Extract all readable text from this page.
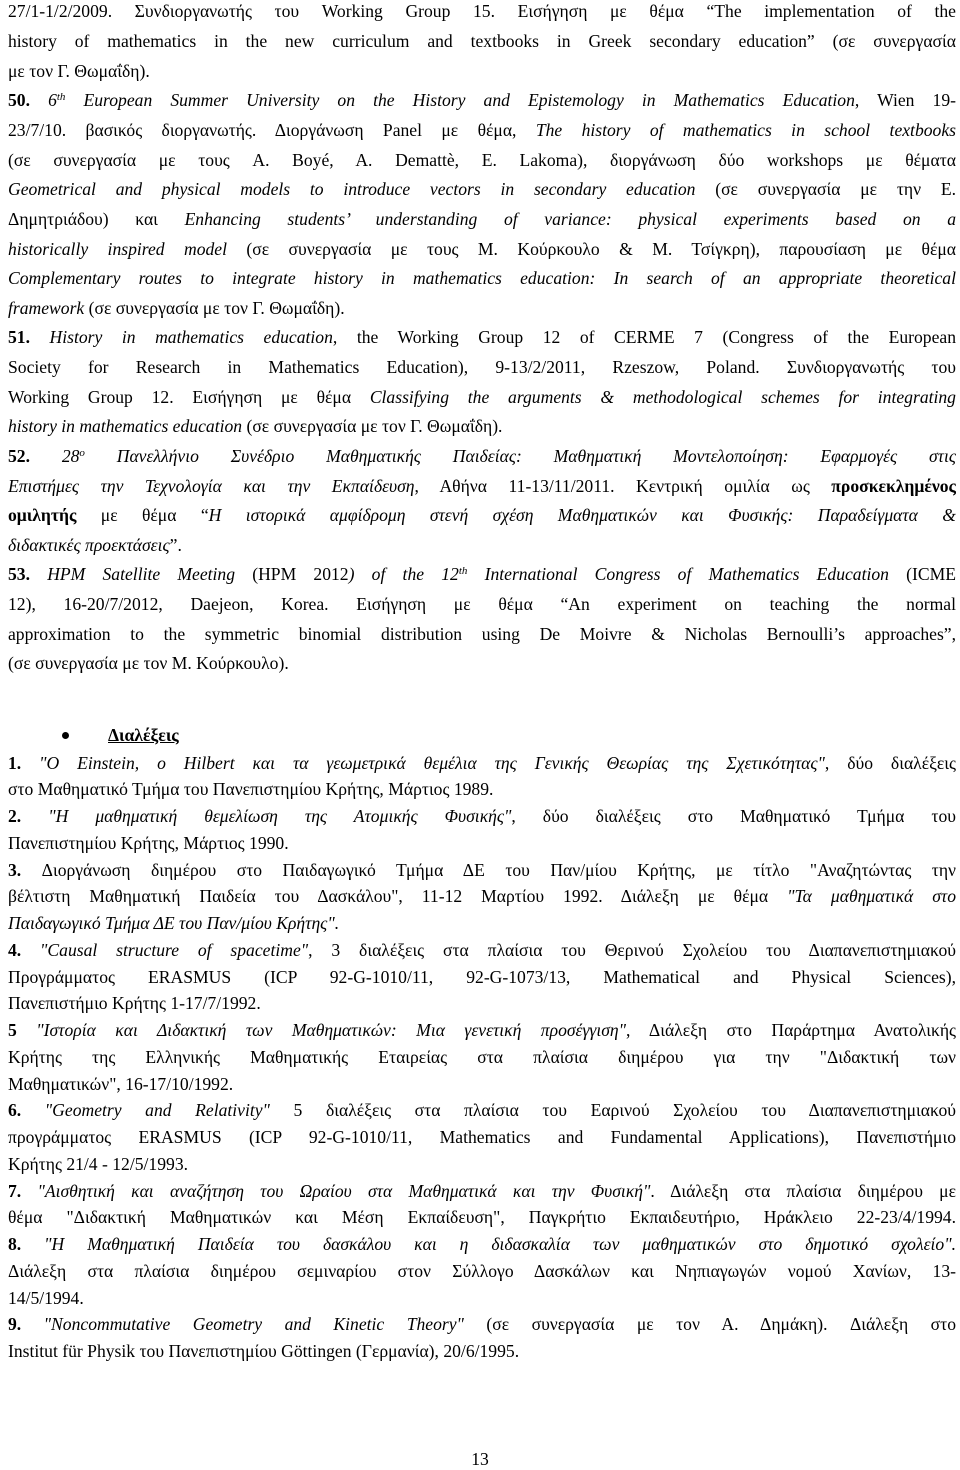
27/1-1/2/2009. Συνδιοργανωτής του Working Group 15. Εισήγηση με θέμα “The implementation of the
history of mathematics in the new curriculum and textbooks in Greek secondary education” (σε συνεργασία
με τον Γ. Θωμαΐδη).
50. 6th European Summer University on the History and Epistemology in Mathematics Education, Wien 19-
23/7/10. βασικός διοργανωτής. Διοργάνωση Panel με θέμα, The history of mathematics in school textbooks
(σε συνεργασία με τους A. Boyé, A. Demattè, E. Lakoma), διοργάνωση δύο workshops με θέματα
Geometrical and physical models to introduce vectors in secondary education (σε συνεργασία με την Ε.
Δημητριάδου) και Enhancing students’ understanding of variance: physical experiments based on a
historically inspired model (σε συνεργασία με τους Μ. Κούρκουλο & Μ. Τσίγκρη), παρουσίαση με θέμα
Complementary routes to integrate history in mathematics education: In search of an appropriate theoretical
framework (σε συνεργασία με τον Γ. Θωμαΐδη).
51. History in mathematics education, the Working Group 12 of CERME 7 (Congress of the European
Society for Research in Mathematics Education), 9-13/2/2011, Rzeszow, Poland. Συνδιοργανωτής του
Working Group 12. Εισήγηση με θέμα Classifying the arguments & methodological schemes for integrating
history in mathematics education (σε συνεργασία με τον Γ. Θωμαΐδη).
52. $28^o$ Πανελλήνιο Συνέδριο Μαθηματικής Παιδείας: Μαθηματική Μοντελοποίηση: Εφαρμογές στις
Επιστήμες την Τεχνολογία και την Εκπαίδευση, Αθήνα 11-13/11/2011. Κεντρική ομιλία ως προσκεκλημένος
ομιλητής με θέμα “Η ιστορικά αμφίδρομη στενή σχέση Μαθηματικών και Φυσικής: Παραδείγματα &
διδακτικές προεκτάσεις”.
53. HPM Satellite Meeting (HPM 2012) of the 12th International Congress of Mathematics Education (ICME
12), 16-20/7/2012, Daejeon, Korea. Εισήγηση με θέμα “An experiment on teaching the normal
approximation to the symmetric binomial distribution using De Moivre & Nicholas Bernoulli’s approaches”,
(σε συνεργασία με τον Μ. Κούρκουλο).
1. "Ο Einstein, ο Hilbert και τα γεωμετρικά θεμέλια της Γενικής Θεωρίας της Σχετικότητας", δύο διαλέξεις
στο Μαθηματικό Τμήμα του Πανεπιστημίου Κρήτης, Μάρτιος 1989.
2. "Η μαθηματική θεμελίωση της Ατομικής Φυσικής", δύο διαλέξεις στο Μαθηματικό Τμήμα του
Πανεπιστημίου Κρήτης, Μάρτιος 1990.
3. Διοργάνωση διημέρου στο Παιδαγωγικό Τμήμα ΔΕ του Παν/μίου Κρήτης, με τίτλο "Αναζητώντας την
βέλτιστη Μαθηματική Παιδεία του Δασκάλου", 11-12 Μαρτίου 1992. Διάλεξη με θέμα "Τα μαθηματικά στο
Παιδαγωγικό Τμήμα ΔΕ του Παν/μίου Κρήτης".
4. "Causal structure of spacetime", 3 διαλέξεις στα πλαίσια του Θερινού Σχολείου του Διαπανεπιστημιακού
Προγράμματος ERASMUS (ICP 92-G-1010/11, 92-G-1073/13, Mathematical and Physical Sciences),
Πανεπιστήμιο Κρήτης 1-17/7/1992.
5 "Ιστορία και Διδακτική των Μαθηματικών: Μια γενετική προσέγγιση", Διάλεξη στο Παράρτημα Ανατολικής
Κρήτης της Ελληνικής Μαθηματικής Εταιρείας στα πλαίσια διημέρου για την "Διδακτική των
Μαθηματικών", 16-17/10/1992.
6. "Geometry and Relativity" 5 διαλέξεις στα πλαίσια του Εαρινού Σχολείου του Διαπανεπιστημιακού
προγράμματος ERASMUS (ICP 92-G-1010/11, Mathematics and Fundamental Applications), Πανεπιστήμιο
Κρήτης 21/4 - 12/5/1993.
7. "Αισθητική και αναζήτηση του Ωραίου στα Μαθηματικά και την Φυσική". Διάλεξη στα πλαίσια διημέρου με
θέμα "Διδακτική Μαθηματικών και Μέση Εκπαίδευση", Παγκρήτιο Εκπαιδευτήριο, Ηράκλειο 22-23/4/1994.
8. "Η Μαθηματική Παιδεία του δασκάλου και η διδασκαλία των μαθηματικών στο δημοτικό σχολείο".
Διάλεξη στα πλαίσια διημέρου σεμιναρίου στον Σύλλογο Δασκάλων και Νηπιαγωγών νομού Χανίων, 13-
14/5/1994.
9. "Noncommutative Geometry and Kinetic Theory" (σε συνεργασία με τον Α. Δημάκη). Διάλεξη στο
Institut für Physik του Πανεπιστημίου Göttingen (Γερμανία), 20/6/1995.
Διαλέξεις
13
